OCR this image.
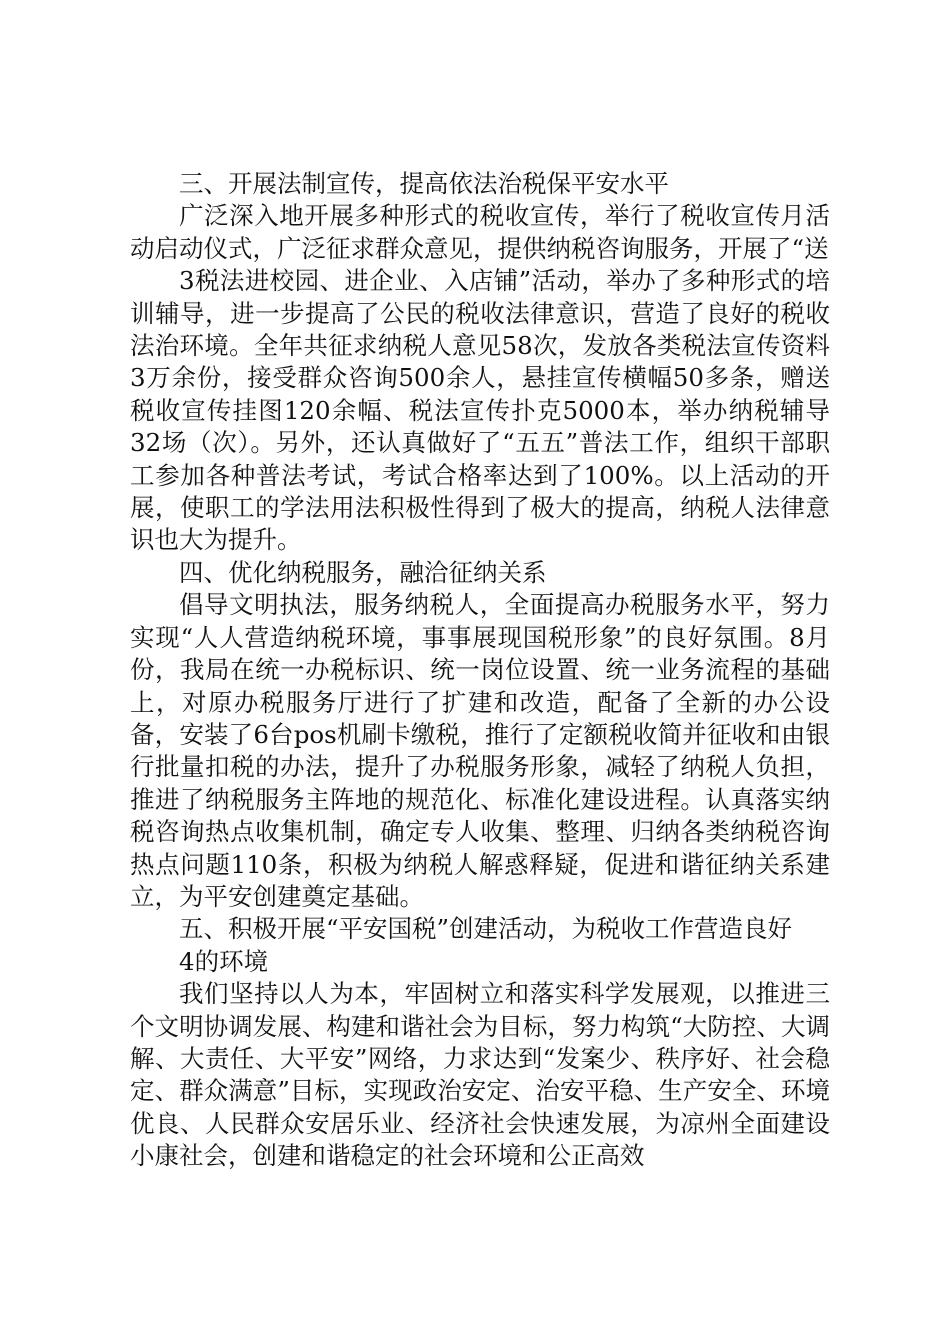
三、开展法制宣传，提高依法治税保平安水平

广泛深入地开展多种形式的税收宣传，举行了税收宣传月活动启动仪式，广泛征求群众意见，提供纳税咨询服务，开展了“送

3税法进校园、进企业、入店铺”活动，举办了多种形式的培训辅导，进一步提高了公民的税收法律意识，营造了良好的税收法治环境。全年共征求纳税人意见58次，发放各类税法宣传资料3万余份，接受群众咨询500余人，悬挂宣传横幅50多条，赠送税收宣传挂图120余幅、税法宣传扑克5000本，举办纳税辅导32场（次）。另外，还认真做好了“五五”普法工作，组织干部职工参加各种普法考试，考试合格率达到了100%。以上活动的开展，使职工的学法用法积极性得到了极大的提高，纳税人法律意识也大为提升。

四、优化纳税服务，融洽征纳关系

倡导文明执法，服务纳税人，全面提高办税服务水平，努力实现“人人营造纳税环境，事事展现国税形象”的良好氛围。8月份，我局在统一办税标识、统一岗位设置、统一业务流程的基础上，对原办税服务厅进行了扩建和改造，配备了全新的办公设备，安装了6台pos机刷卡缴税，推行了定额税收简并征收和由银行批量扣税的办法，提升了办税服务形象，减轻了纳税人负担，推进了纳税服务主阵地的规范化、标准化建设进程。认真落实纳税咨询热点收集机制，确定专人收集、整理、归纳各类纳税咨询热点问题110条，积极为纳税人解惑释疑，促进和谐征纳关系建立，为平安创建奠定基础。

五、积极开展“平安国税”创建活动，为税收工作营造良好

4的环境

我们坚持以人为本，牢固树立和落实科学发展观，以推进三个文明协调发展、构建和谐社会为目标，努力构筑“大防控、大调解、大责任、大平安”网络，力求达到“发案少、秩序好、社会稳定、群众满意”目标，实现政治安定、治安平稳、生产安全、环境优良、人民群众安居乐业、经济社会快速发展，为凉州全面建设小康社会，创建和谐稳定的社会环境和公正高效
